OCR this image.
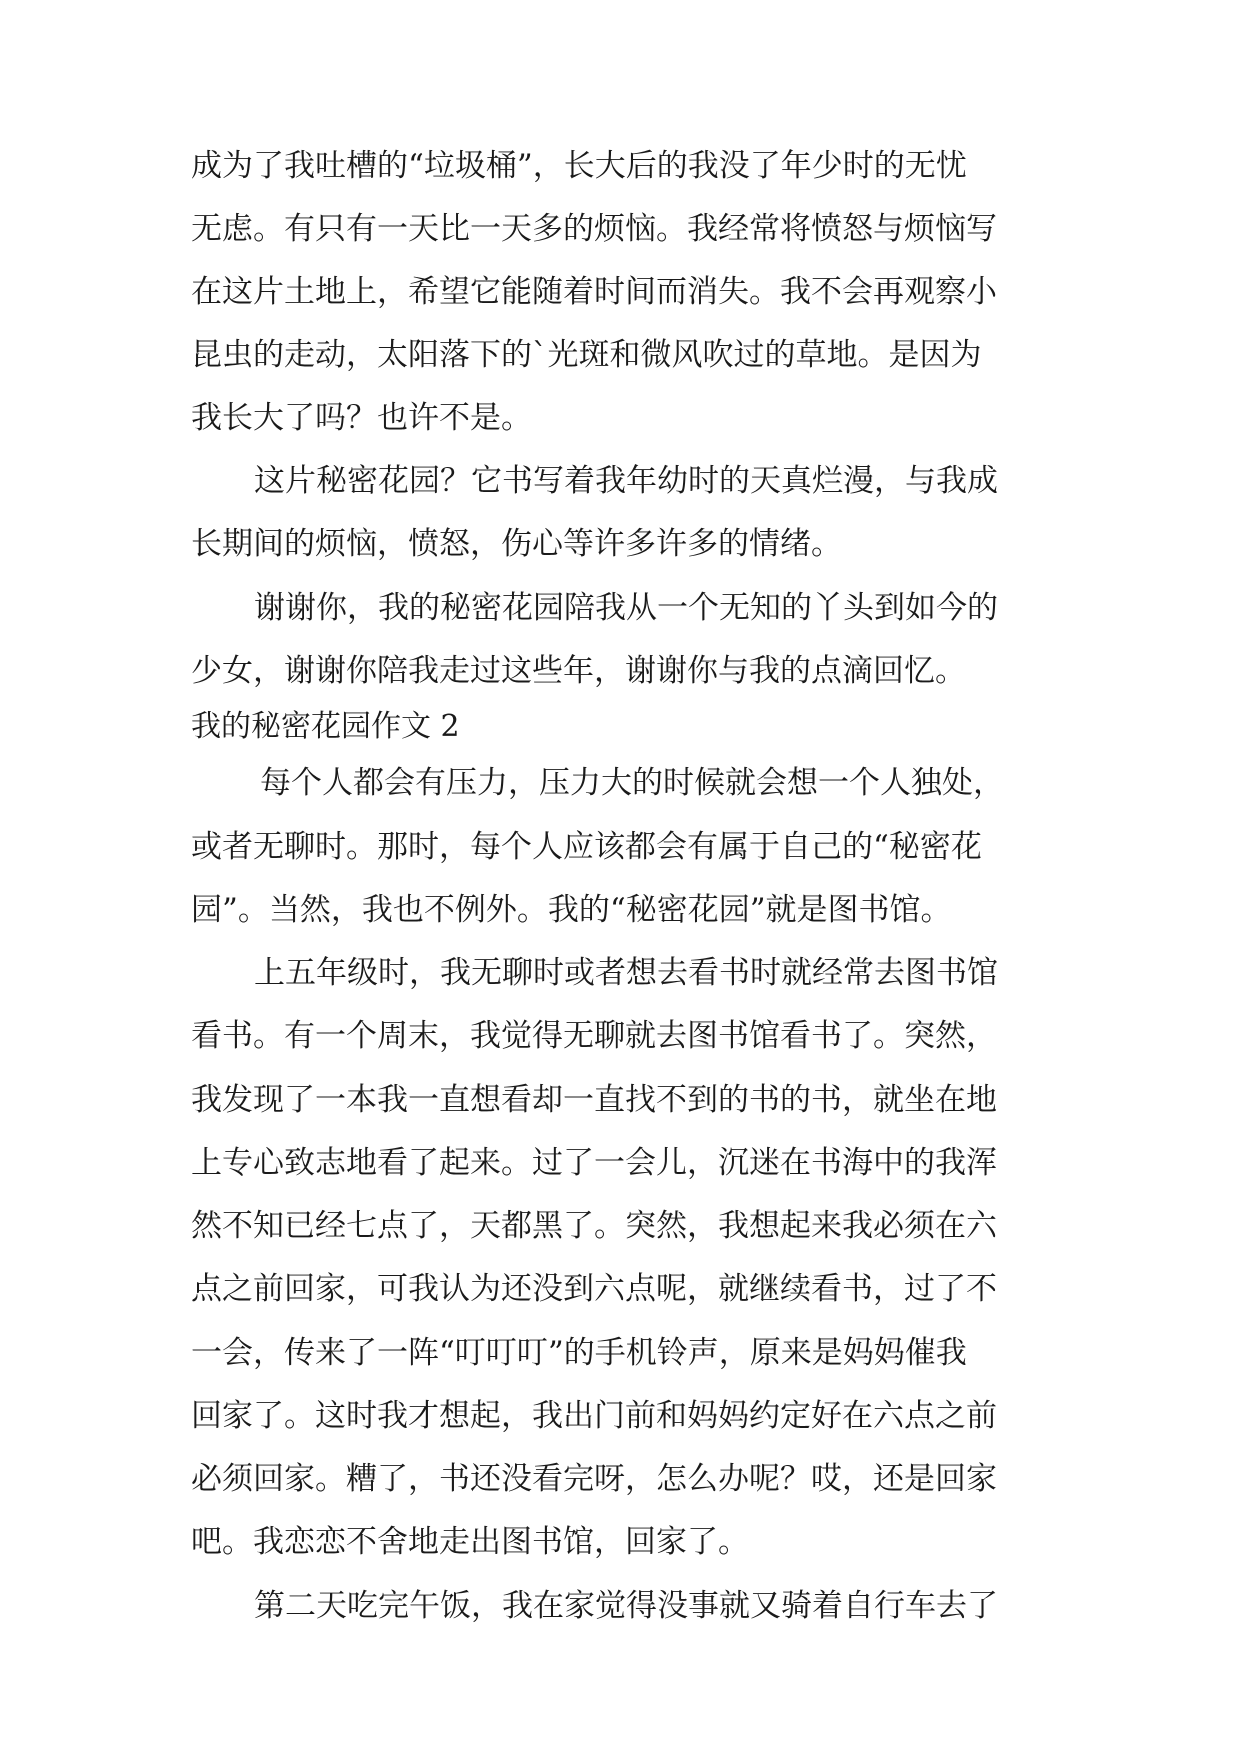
成为了我吐槽的“垃圾桶”，长大后的我没了年少时的无忧
无虑。有只有一天比一天多的烦恼。我经常将愤怒与烦恼写
在这片土地上，希望它能随着时间而消失。我不会再观察小
昆虫的走动，太阳落下的`光斑和微风吹过的草地。是因为
我长大了吗？也许不是。
这片秘密花园？它书写着我年幼时的天真烂漫，与我成
长期间的烦恼，愤怒，伤心等许多许多的情绪。
谢谢你，我的秘密花园陪我从一个无知的丫头到如今的
少女，谢谢你陪我走过这些年，谢谢你与我的点滴回忆。
我的秘密花园作文 2
每个人都会有压力，压力大的时候就会想一个人独处，
或者无聊时。那时，每个人应该都会有属于自己的“秘密花
园”。当然，我也不例外。我的“秘密花园”就是图书馆。
上五年级时，我无聊时或者想去看书时就经常去图书馆
看书。有一个周末，我觉得无聊就去图书馆看书了。突然，
我发现了一本我一直想看却一直找不到的书的书，就坐在地
上专心致志地看了起来。过了一会儿，沉迷在书海中的我浑
然不知已经七点了，天都黑了。突然，我想起来我必须在六
点之前回家，可我认为还没到六点呢，就继续看书，过了不
一会，传来了一阵“叮叮叮”的手机铃声，原来是妈妈催我
回家了。这时我才想起，我出门前和妈妈约定好在六点之前
必须回家。糟了，书还没看完呀，怎么办呢？哎，还是回家
吧。我恋恋不舍地走出图书馆，回家了。
第二天吃完午饭，我在家觉得没事就又骑着自行车去了
